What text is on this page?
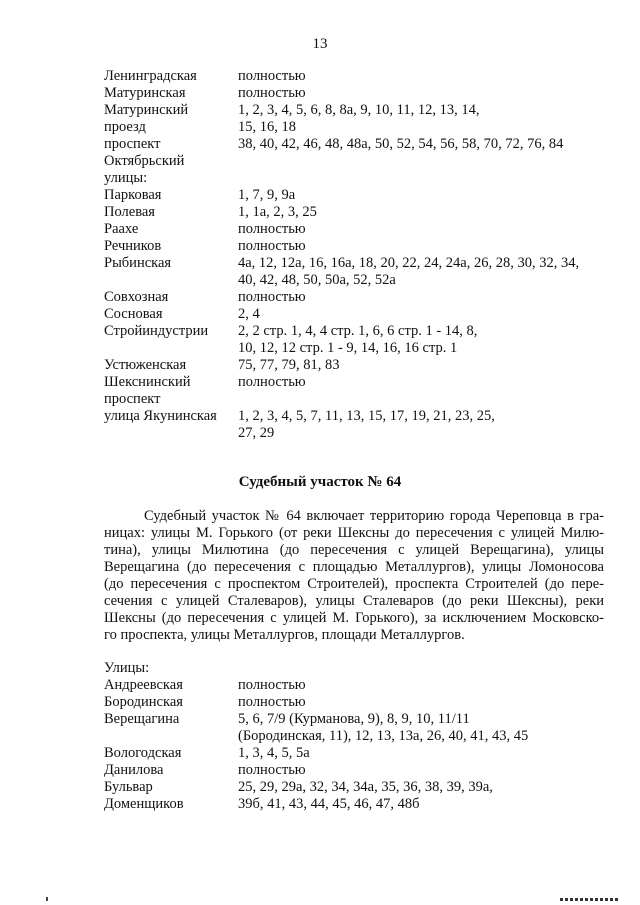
13
Ленинградская	полностью
Матуринская	полностью
Матуринский	1, 2, 3, 4, 5, 6, 8, 8а, 9, 10, 11, 12, 13, 14,
проезд	15, 16, 18
проспект	38, 40, 42, 46, 48, 48а, 50, 52, 54, 56, 58, 70, 72, 76, 84
Октябрьский

улицы:

Парковая	1, 7, 9, 9а
Полевая	1, 1а, 2, 3, 25
Раахе	полностью
Речников	полностью
Рыбинская	4а, 12, 12а, 16, 16а, 18, 20, 22, 24, 24а, 26, 28, 30, 32, 34,
40, 42, 48, 50, 50а, 52, 52а
Совхозная	полностью
Сосновая	2, 4
Стройиндустрии	2, 2 стр. 1, 4, 4 стр. 1, 6, 6 стр. 1 - 14, 8,
10, 12, 12 стр. 1 - 9, 14, 16, 16 стр. 1
Устюженская	75, 77, 79, 81, 83
Шекснинский	полностью
проспект

улица Якунинская	1, 2, 3, 4, 5, 7, 11, 13, 15, 17, 19, 21, 23, 25,
27, 29
Судебный участок № 64
Судебный участок № 64 включает территорию города Череповца в гра-
ницах: улицы М. Горького (от реки Шексны до пересечения с улицей Милю-
тина), улицы Милютина (до пересечения с улицей Верещагина), улицы
Верещагина (до пересечения с площадью Металлургов), улицы Ломоносова
(до пересечения с проспектом Строителей), проспекта Строителей (до пере-
сечения с улицей Сталеваров), улицы Сталеваров (до реки Шексны), реки
Шексны (до пересечения с улицей М. Горького), за исключением Московско-
го проспекта, улицы Металлургов, площади Металлургов.
Улицы:
Андреевская	полностью
Бородинская	полностью
Верещагина	5, 6, 7/9 (Курманова, 9), 8, 9, 10, 11/11
(Бородинская, 11), 12, 13, 13а, 26, 40, 41, 43, 45
Вологодская	1, 3, 4, 5, 5а
Данилова	полностью
Бульвар	25, 29, 29а, 32, 34, 34а, 35, 36, 38, 39, 39а,
Доменщиков	39б, 41, 43, 44, 45, 46, 47, 48б
